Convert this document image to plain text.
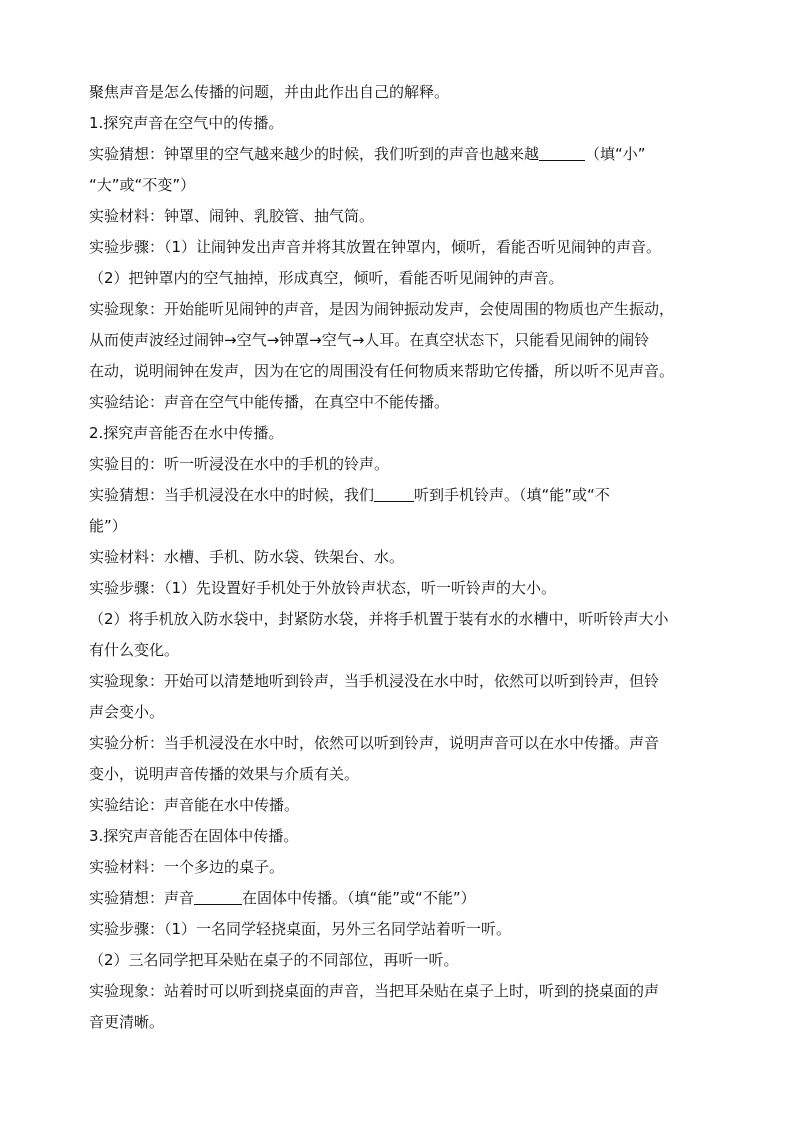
聚焦声音是怎么传播的问题，并由此作出自己的解释。
1.探究声音在空气中的传播。
实验猜想：钟罩里的空气越来越少的时候，我们听到的声音也越来越	（填“小”
“大”或“不变”）
实验材料：钟罩、闹钟、乳胶管、抽气筒。
实验步骤：（1）让闹钟发出声音并将其放置在钟罩内，倾听，看能否听见闹钟的声音。
（2）把钟罩内的空气抽掉，形成真空，倾听，看能否听见闹钟的声音。
实验现象：开始能听见闹钟的声音，是因为闹钟振动发声，会使周围的物质也产生振动，
从而使声波经过闹钟→空气→钟罩→空气→人耳。在真空状态下，只能看见闹钟的闹铃
在动，说明闹钟在发声，因为在它的周围没有任何物质来帮助它传播，所以听不见声音。
实验结论：声音在空气中能传播，在真空中不能传播。
2.探究声音能否在水中传播。
实验目的：听一听浸没在水中的手机的铃声。
实验猜想：当手机浸没在水中的时候，我们	听到手机铃声。（填“能”或“不
能”）
实验材料：水槽、手机、防水袋、铁架台、水。
实验步骤：（1）先设置好手机处于外放铃声状态，听一听铃声的大小。
（2）将手机放入防水袋中，封紧防水袋，并将手机置于装有水的水槽中，听听铃声大小
有什么变化。
实验现象：开始可以清楚地听到铃声，当手机浸没在水中时，依然可以听到铃声，但铃
声会变小。
实验分析：当手机浸没在水中时，依然可以听到铃声，说明声音可以在水中传播。声音
变小，说明声音传播的效果与介质有关。
实验结论：声音能在水中传播。
3.探究声音能否在固体中传播。
实验材料：一个多边的桌子。
实验猜想：声音	在固体中传播。（填“能”或“不能”）
实验步骤：（1）一名同学轻挠桌面，另外三名同学站着听一听。
（2）三名同学把耳朵贴在桌子的不同部位，再听一听。
实验现象：站着时可以听到挠桌面的声音，当把耳朵贴在桌子上时，听到的挠桌面的声
音更清晰。
